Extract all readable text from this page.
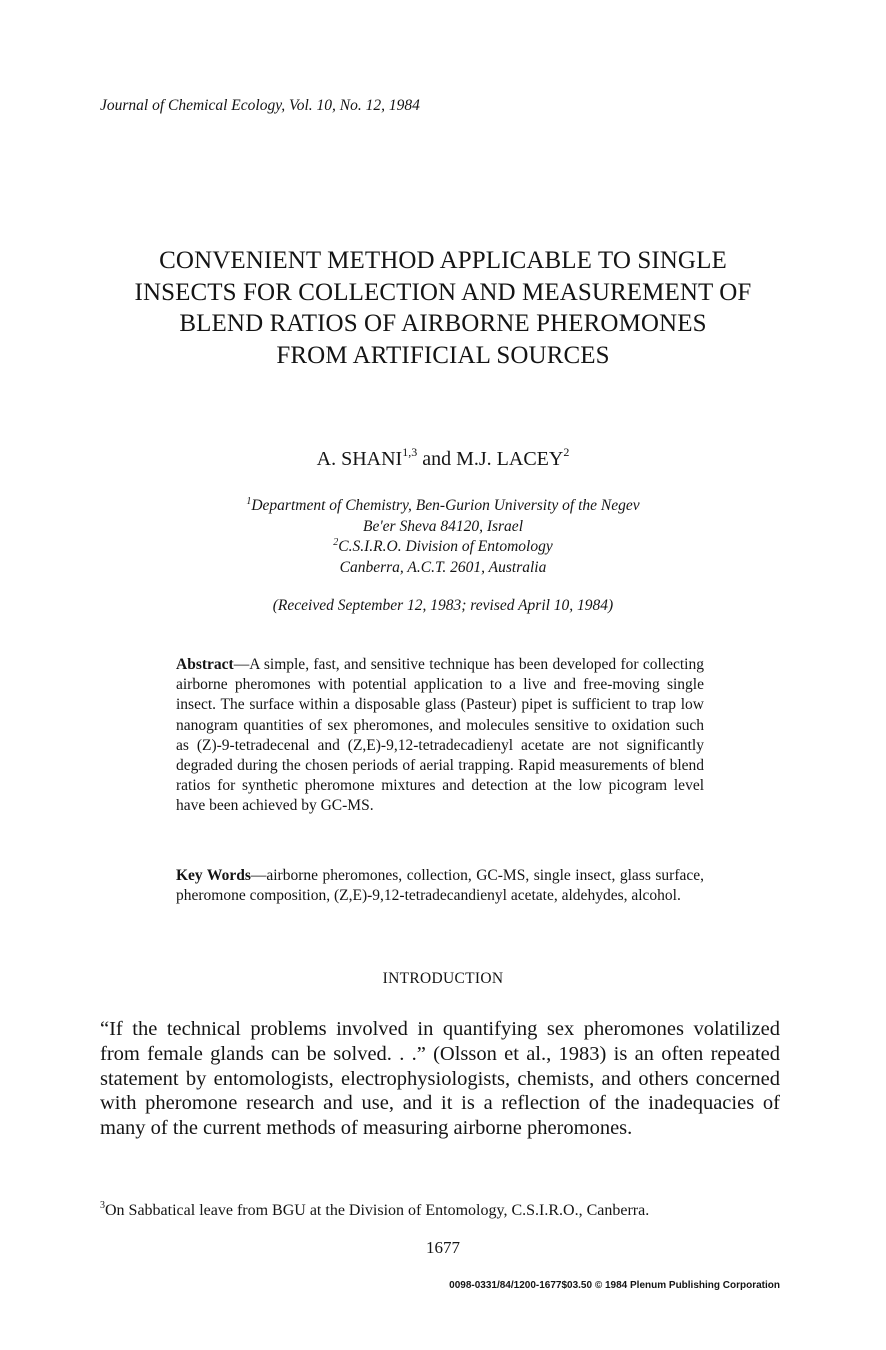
Journal of Chemical Ecology, Vol. 10, No. 12, 1984
CONVENIENT METHOD APPLICABLE TO SINGLE
INSECTS FOR COLLECTION AND MEASUREMENT OF
BLEND RATIOS OF AIRBORNE PHEROMONES
FROM ARTIFICIAL SOURCES
A. SHANI$^{1,3}$ and M.J. LACEY$^2$
$^1$Department of Chemistry, Ben-Gurion University of the Negev
Be'er Sheva 84120, Israel
$^2$C.S.I.R.O. Division of Entomology
Canberra, A.C.T. 2601, Australia
(Received September 12, 1983; revised April 10, 1984)
Abstract—A simple, fast, and sensitive technique has been developed for collecting airborne pheromones with potential application to a live and free-moving single insect. The surface within a disposable glass (Pasteur) pipet is sufficient to trap low nanogram quantities of sex pheromones, and molecules sensitive to oxidation such as (Z)-9-tetradecenal and (Z,E)-9,12-tetradecadienyl acetate are not significantly degraded during the chosen periods of aerial trapping. Rapid measurements of blend ratios for synthetic pheromone mixtures and detection at the low picogram level have been achieved by GC-MS.
Key Words—airborne pheromones, collection, GC-MS, single insect, glass surface, pheromone composition, (Z,E)-9,12-tetradecandienyl acetate, aldehydes, alcohol.
INTRODUCTION
“If the technical problems involved in quantifying sex pheromones volatilized from female glands can be solved. . .” (Olsson et al., 1983) is an often repeated statement by entomologists, electrophysiologists, chemists, and others concerned with pheromone research and use, and it is a reflection of the inadequacies of many of the current methods of measuring airborne pheromones.
$^3$On Sabbatical leave from BGU at the Division of Entomology, C.S.I.R.O., Canberra.
1677
0098-0331/84/1200-1677$03.50 © 1984 Plenum Publishing Corporation
